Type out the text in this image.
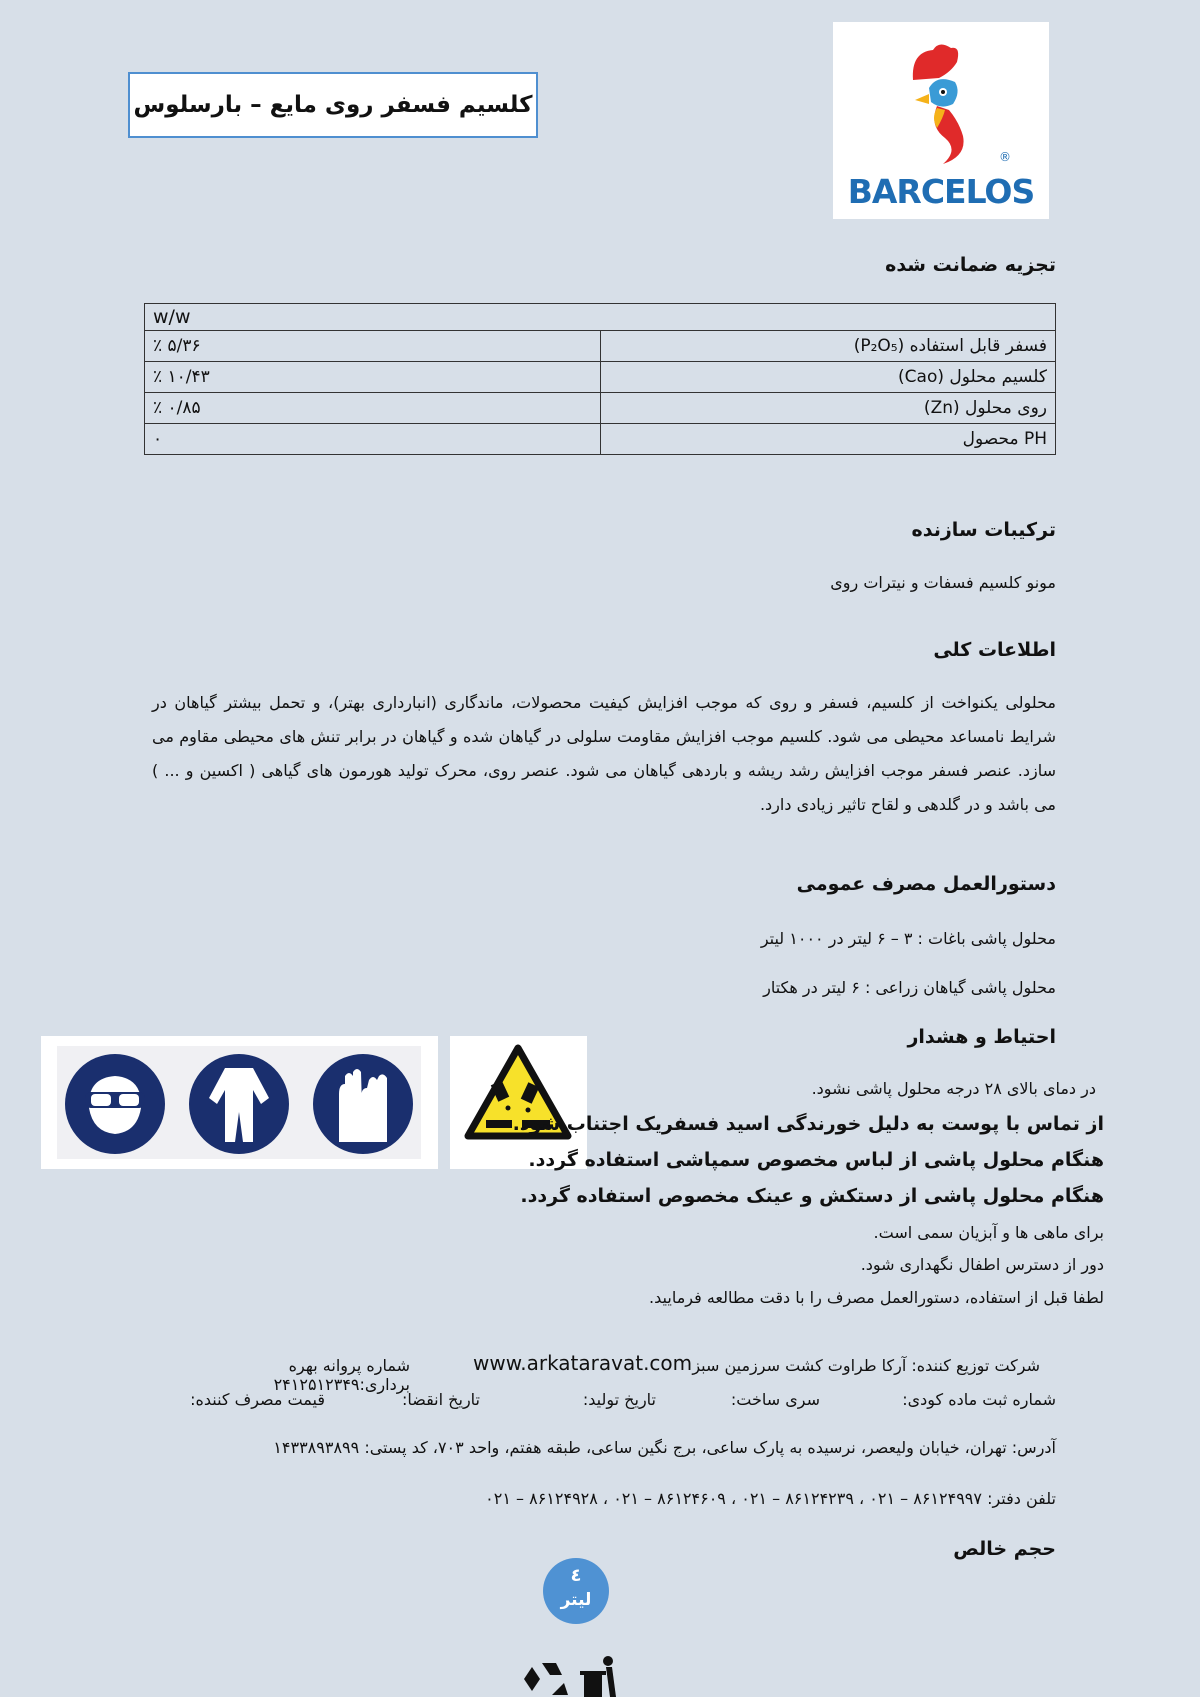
BARCELOS
®
کلسیم فسفر روی مایع – بارسلوس
تجزیه ضمانت شده
w/w	
٪ ۵/۳۶	فسفر قابل استفاده (P₂O₅)
٪ ۱۰/۴۳	کلسیم محلول (Cao)
٪ ۰/۸۵	روی محلول (Zn)
۰	PH محصول
ترکیبات سازنده

مونو کلسیم فسفات و نیترات روی

اطلاعات کلی

محلولی یکنواخت از کلسیم، فسفر و روی که موجب افزایش کیفیت محصولات، ماندگاری (انبارداری بهتر)، و تحمل بیشتر گیاهان در شرایط نامساعد محیطی می شود. کلسیم موجب افزایش مقاومت سلولی در گیاهان شده و گیاهان در برابر تنش های محیطی مقاوم می سازد. عنصر فسفر موجب افزایش رشد ریشه و باردهی گیاهان می شود. عنصر روی، محرک تولید هورمون های گیاهی ( اکسین و ... ) می باشد و در گلدهی و لقاح تاثیر زیادی دارد.

دستورالعمل مصرف عمومی

محلول پاشی باغات : ۳ – ۶ لیتر در ۱۰۰۰ لیتر

محلول پاشی گیاهان زراعی : ۶ لیتر در هکتار

احتیاط و هشدار

در دمای بالای ۲۸ درجه محلول پاشی نشود.

از تماس با پوست به دلیل خورندگی اسید فسفریک اجتناب شود.

هنگام محلول پاشی از لباس مخصوص سمپاشی استفاده گردد.

هنگام محلول پاشی از دستکش و عینک مخصوص استفاده گردد.

برای ماهی ها و آبزیان سمی است.

دور از دسترس اطفال نگهداری شود.

لطفا قبل از استفاده، دستورالعمل مصرف را با دقت مطالعه فرمایید.

شرکت توزیع کننده: آرکا طراوت کشت سرزمین سبز

www.arkataravat.com

شماره پروانه بهره برداری:۲۴۱۲۵۱۲۳۴۹

شماره ثبت ماده کودی:

سری ساخت:

تاریخ تولید:

تاریخ انقضا:

قیمت مصرف کننده:

آدرس: تهران، خیابان ولیعصر، نرسیده به پارک ساعی، برج نگین ساعی، طبقه هفتم، واحد ۷۰۳، کد پستی: ۱۴۳۳۸۹۳۸۹۹

تلفن دفتر: ۸۶۱۲۴۹۹۷ – ۰۲۱ ، ۸۶۱۲۴۲۳۹ – ۰۲۱ ، ۸۶۱۲۴۶۰۹ – ۰۲۱ ، ۸۶۱۲۴۹۲۸ – ۰۲۱

حجم خالص
٤
لیتر
